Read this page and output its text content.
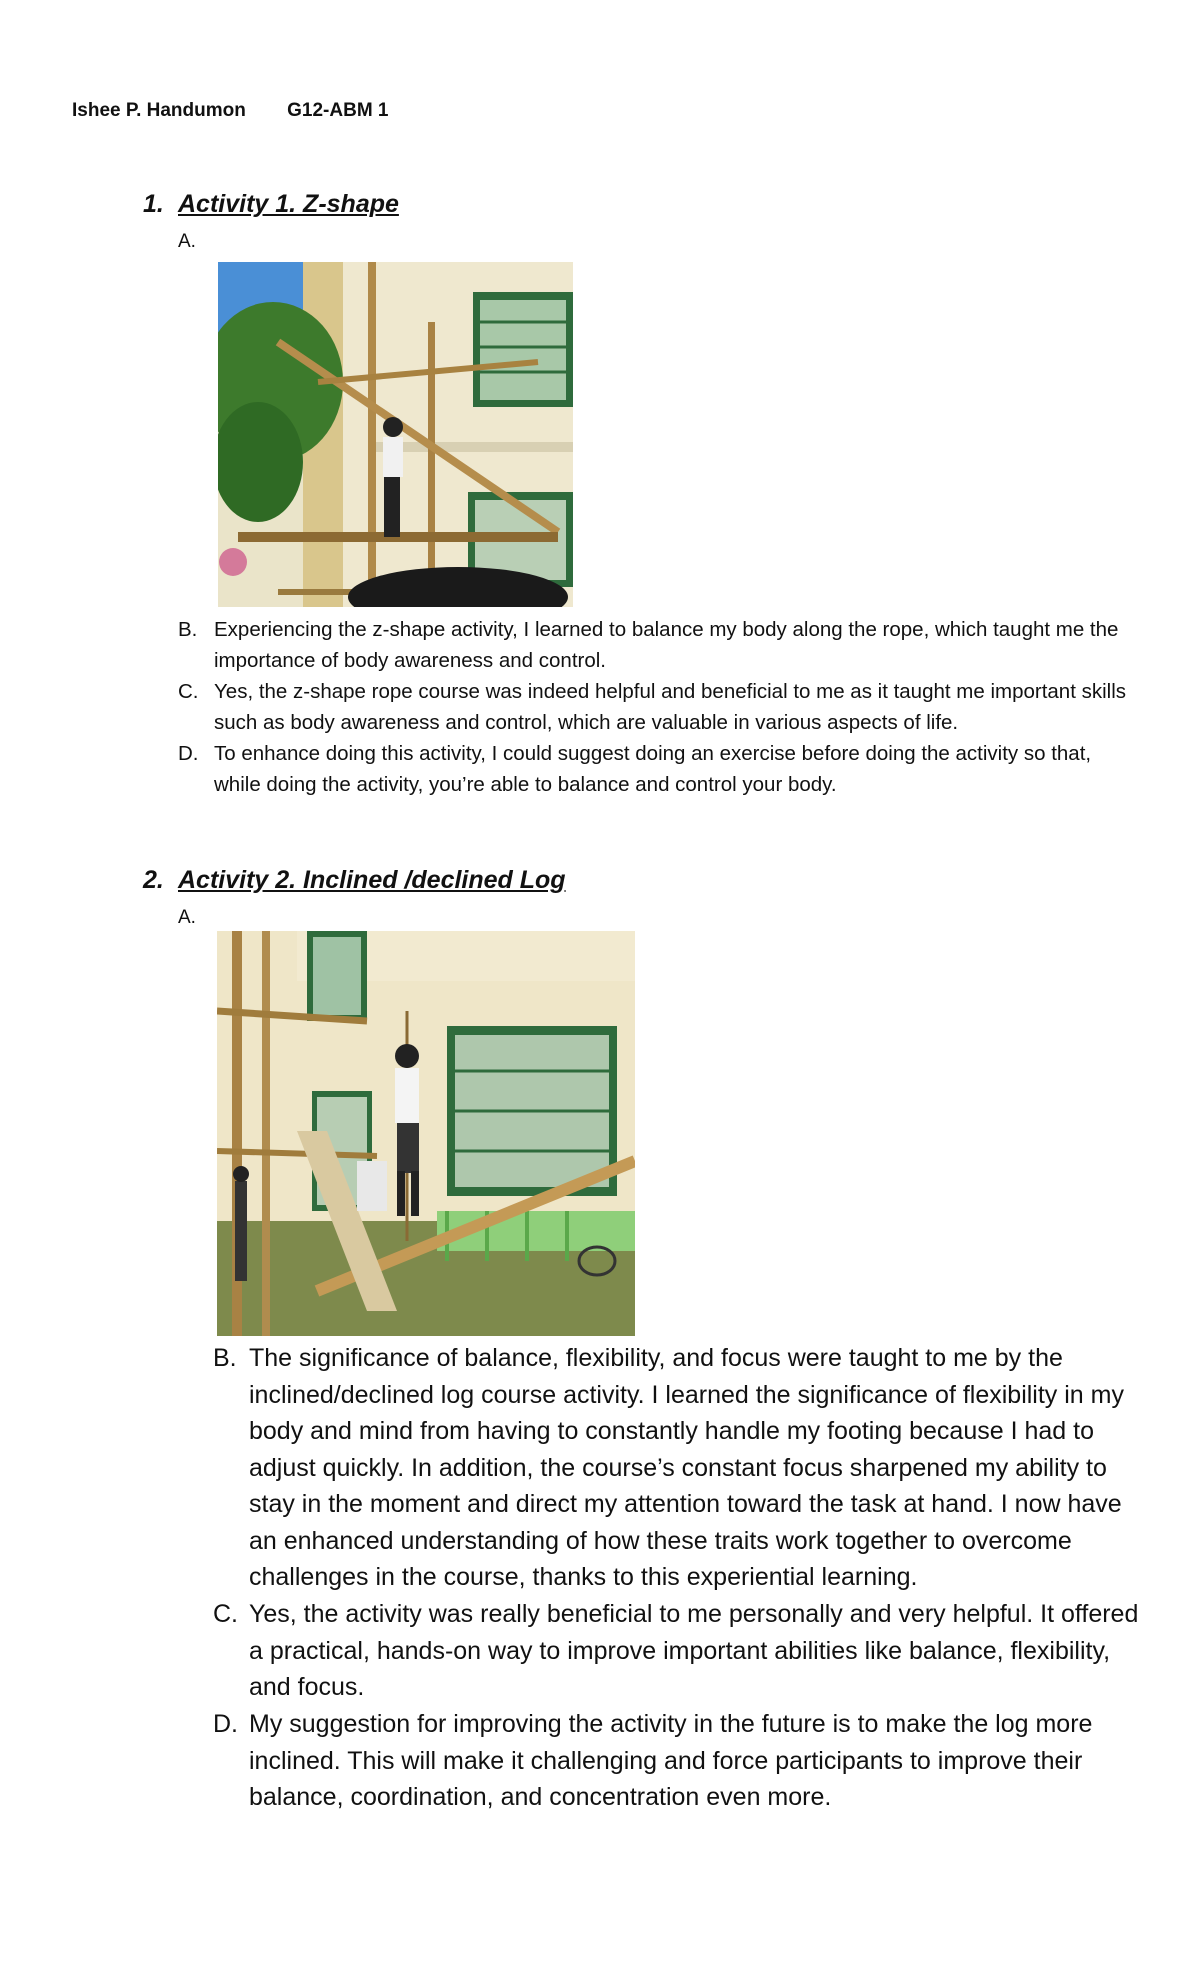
Ishee P. Handumon G12-ABM 1
1. Activity 1. Z-shape
A.
B. Experiencing the z-shape activity, I learned to balance my body along the rope, which taught me the importance of body awareness and control.
C. Yes, the z-shape rope course was indeed helpful and beneficial to me as it taught me important skills such as body awareness and control, which are valuable in various aspects of life.
D. To enhance doing this activity, I could suggest doing an exercise before doing the activity so that, while doing the activity, you’re able to balance and control your body.
2. Activity 2. Inclined /declined Log
A.
B. The significance of balance, flexibility, and focus were taught to me by the inclined/declined log course activity. I learned the significance of flexibility in my body and mind from having to constantly handle my footing because I had to adjust quickly. In addition, the course’s constant focus sharpened my ability to stay in the moment and direct my attention toward the task at hand. I now have an enhanced understanding of how these traits work together to overcome challenges in the course, thanks to this experiential learning.
C. Yes, the activity was really beneficial to me personally and very helpful. It offered a practical, hands-on way to improve important abilities like balance, flexibility, and focus.
D. My suggestion for improving the activity in the future is to make the log more inclined. This will make it challenging and force participants to improve their balance, coordination, and concentration even more.
